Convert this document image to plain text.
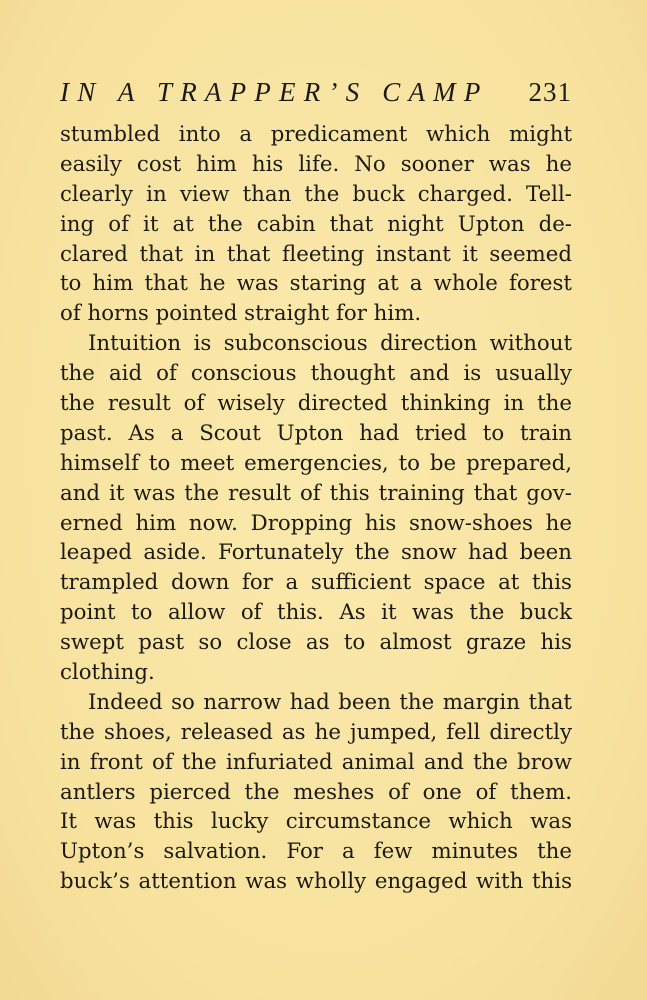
IN A TRAPPER’S CAMP 231
stumbled into a predicament which might
easily cost him his life. No sooner was he
clearly in view than the buck charged. Tell-
ing of it at the cabin that night Upton de-
clared that in that fleeting instant it seemed
to him that he was staring at a whole forest
of horns pointed straight for him.
Intuition is subconscious direction without
the aid of conscious thought and is usually
the result of wisely directed thinking in the
past. As a Scout Upton had tried to train
himself to meet emergencies, to be prepared,
and it was the result of this training that gov-
erned him now. Dropping his snow-shoes he
leaped aside. Fortunately the snow had been
trampled down for a sufficient space at this
point to allow of this. As it was the buck
swept past so close as to almost graze his
clothing.
Indeed so narrow had been the margin that
the shoes, released as he jumped, fell directly
in front of the infuriated animal and the brow
antlers pierced the meshes of one of them.
It was this lucky circumstance which was
Upton’s salvation. For a few minutes the
buck’s attention was wholly engaged with this
